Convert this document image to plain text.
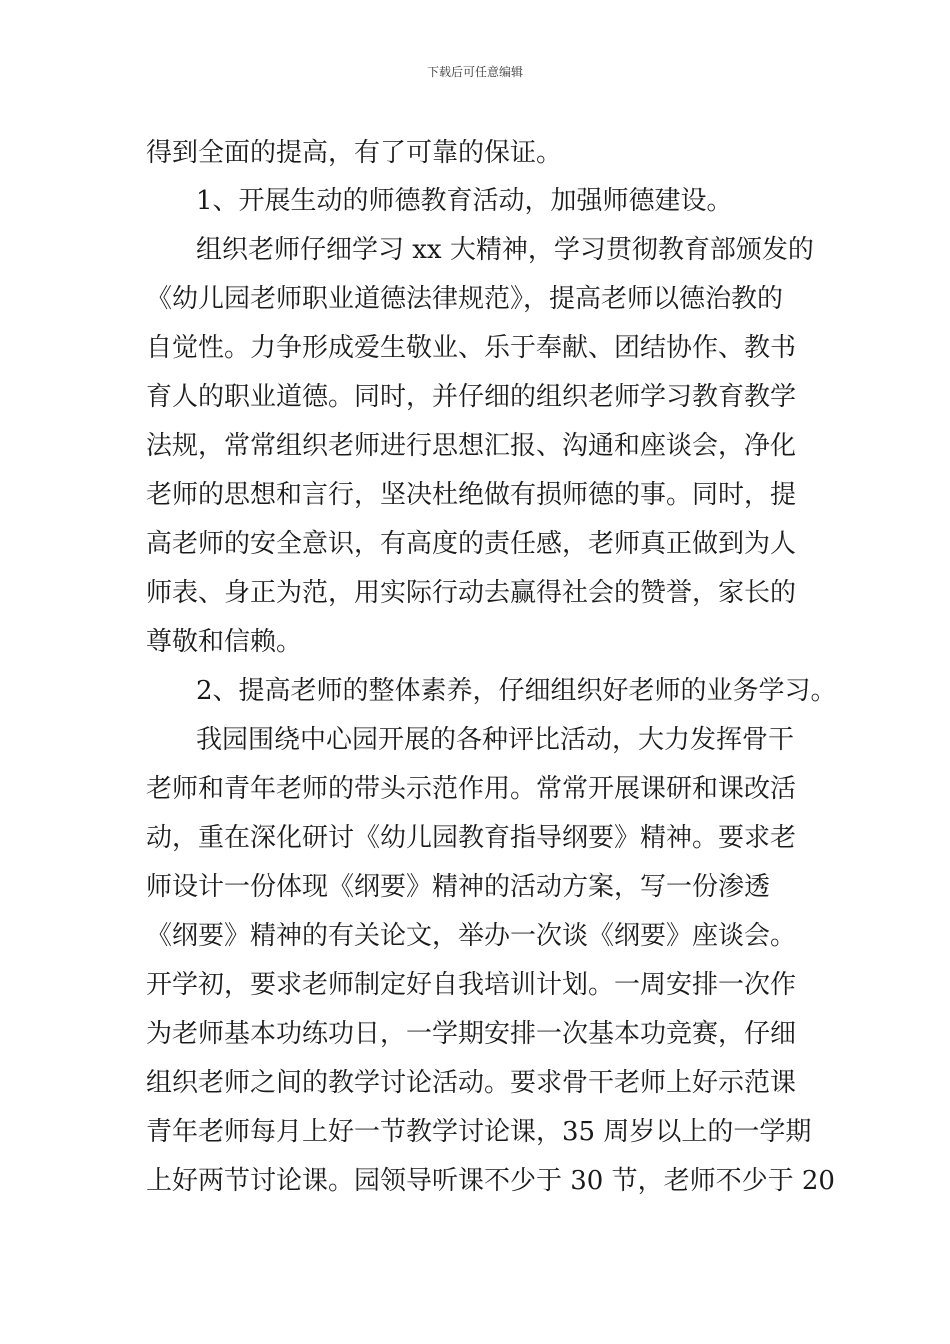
下载后可任意编辑
得到全面的提高，有了可靠的保证。
1、开展生动的师德教育活动，加强师德建设。
组织老师仔细学习 xx 大精神，学习贯彻教育部颁发的
《幼儿园老师职业道德法律规范》，提高老师以德治教的
自觉性。力争形成爱生敬业、乐于奉献、团结协作、教书
育人的职业道德。同时，并仔细的组织老师学习教育教学
法规，常常组织老师进行思想汇报、沟通和座谈会，净化
老师的思想和言行，坚决杜绝做有损师德的事。同时，提
高老师的安全意识，有高度的责任感，老师真正做到为人
师表、身正为范，用实际行动去赢得社会的赞誉，家长的
尊敬和信赖。
2、提高老师的整体素养，仔细组织好老师的业务学习。
我园围绕中心园开展的各种评比活动，大力发挥骨干
老师和青年老师的带头示范作用。常常开展课研和课改活
动，重在深化研讨《幼儿园教育指导纲要》精神。要求老
师设计一份体现《纲要》精神的活动方案，写一份渗透
《纲要》精神的有关论文，举办一次谈《纲要》座谈会。
开学初，要求老师制定好自我培训计划。一周安排一次作
为老师基本功练功日，一学期安排一次基本功竞赛，仔细
组织老师之间的教学讨论活动。要求骨干老师上好示范课
青年老师每月上好一节教学讨论课，35 周岁以上的一学期
上好两节讨论课。园领导听课不少于 30 节，老师不少于 20
